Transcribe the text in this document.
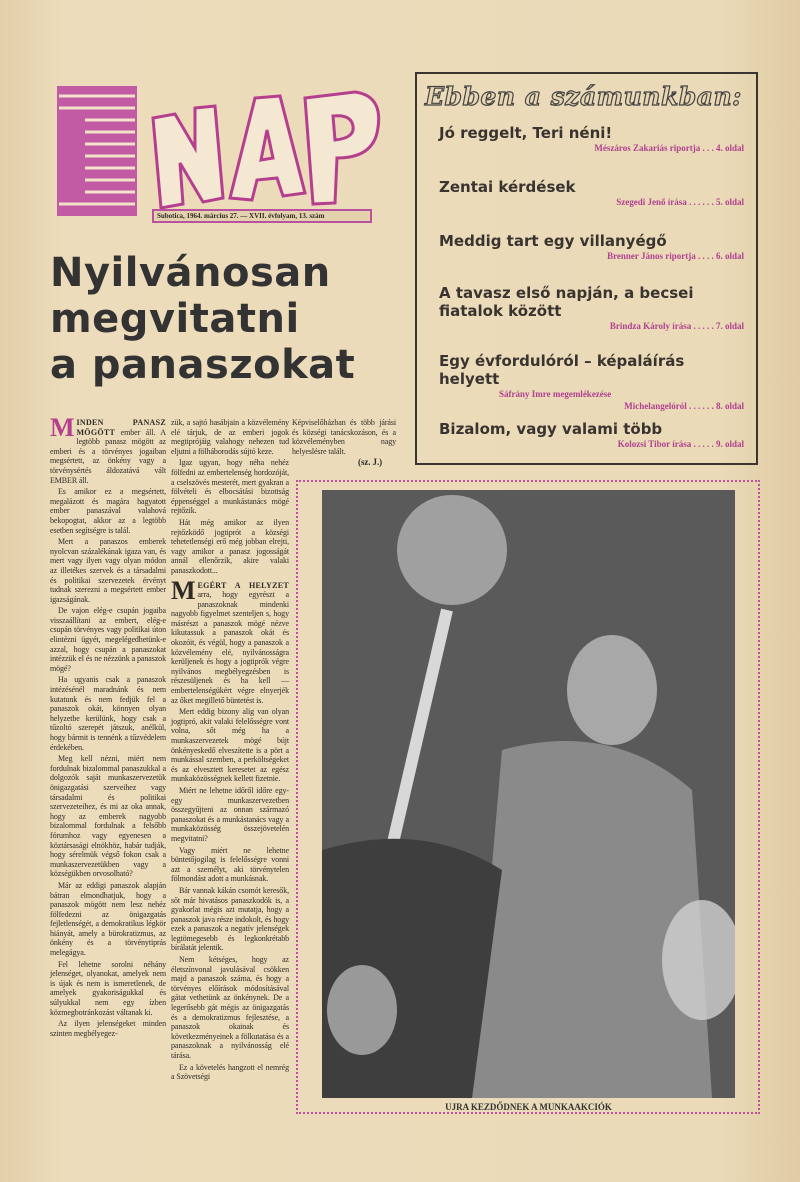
Subotica, 1964. március 27. — XVII. évfolyam, 13. szám
Nyilvánosan
megvitatni
a panaszokat
Ebben a számunkban:
Jó reggelt, Teri néni!
Mészáros Zakariás riportja . . . 4. oldal
Zentai kérdések
Szegedi Jenő írása . . . . . . 5. oldal
Meddig tart egy villanyégő
Brenner János riportja . . . . 6. oldal
A tavasz első napján, a becsei fiatalok között
Brindza Károly írása . . . . . 7. oldal
Egy évfordulóról – képaláírás helyett
Sáfrány Imre megemlékezése
Michelangelóról . . . . . . 8. oldal
Bizalom, vagy valami több
Kolozsi Tibor írása . . . . . 9. oldal

MINDEN PANASZ MÖGÖTT ember áll. A legtöbb panasz mögött az emberi és a törvényes jogaiban megsértett, az önkény vagy a törvénysértés áldozatává vált EMBER áll.

Es amikor ez a megsértett, megalázott és magára hagyatott ember panaszával valahová bekopogtat, akkor az a legtöbb esetben segítségre is talál.

Mert a panaszos emberek nyolcvan százalékának igaza van, és mert vagy ilyen vagy olyan módon az illetékes szervek és a társadalmi és politikai szervezetek érvényt tudnak szerezni a megsértett ember igazságának.

De vajon elég-e csupán jogaiba visszaállítani az embert, elég-e csupán törvényes vagy politikai úton elintézni ügyét, megelégedhetünk-e azzal, hogy csupán a panaszokat intézzük el és ne nézzünk a panaszok mögé?

Ha ugyanis csak a panaszok intézésénél maradnánk és nem kutatunk és nem fedjük fel a panaszok okát, könnyen olyan helyzetbe kerülünk, hogy csak a tűzoltó szerepét játszuk, anélkül, hogy bármit is tennénk a tűzvédelem érdekében.

Meg kell nézni, miért nem fordulnak bizalommal panaszukkal a dolgozók saját munkaszervezetük önigazgatási szerveihez vagy társadalmi és politikai szervezeteihez, és mi az oka annak, hogy az emberek nagyobb bizalommal fordulnak a felsőbb fórumhoz vagy egyenesen a köztársasági elnökhöz, habár tudják, hogy sérelmük végső fokon csak a munkaszervezetükben vagy a községükben orvosolható?

Már az eddigi panaszok alapján bátran elmondhatjuk, hogy a panaszok mögött nem lesz nehéz fölfedezni az önigazgatás fejletlenségét, a demokratikus légkör hiányát, amely a bürokratizmus, az önkény és a törvénytiprás melegágya.

Fel lehetne sorolni néhány jelenséget, olyanokat, amelyek nem is újak és nem is ismeretlenek, de amelyek gyakoriságukkal és súlyukkal nem egy ízben közmegbotránkozást váltanak ki.

Az ilyen jelenségeket minden szinten megbélyegez-

zük, a sajtó hasábjain a közvélemény elé tárjuk, de az emberi jogok megtiprójáig valahogy nehezen tud eljutni a fölháborodás sújtó keze.

Igaz ugyan, hogy néha nehéz fölfedni az embertelenség hordozóját, a cselszövés mesterét, mert gyakran a fölvételi és elbocsátási bizottság éppenséggel a munkástanács mögé rejtőzik.

Hát még amikor az ilyen rejtőzködő jogtiprót a községi tehetetlenségi erő még jobban elrejti, vagy amikor a panasz jogosságát annál ellenőrzik, akire valaki panaszkodott...

MEGÉRT A HELYZET arra, hogy egyrészt a panaszoknak mindenki nagyobb figyelmet szenteljen s, hogy másrészt a panaszok mögé nézve kikutassuk a panaszok okát és okozóit, és végül, hogy a panaszok a közvélemény elé, nyilvánosságra kerüljenek és hogy a jogtiprók végre nyilvános megbélyegzésben is részesüljenek és ha kell — embertelenségükért végre elnyerjék az őket megillető büntetést is.

Mert eddig bizony alig van olyan jogtipró, akit valaki felelősségre vont volna, sőt még ha a munkaszervezetek mögé bújt önkényeskedő elveszítette is a pört a munkással szemben, a perköltségeket és az elvesztett keresetet az egész munkaközösségnek kellett fizetnie.

Miért ne lehetne időről időre egy-egy munkaszervezetben összegyűjteni az onnan származó panaszokat és a munkástanács vagy a munkaközösség összejövetelén megvitatni?

Vagy miért ne lehetne büntetőjogilag is felelősségre vonni azt a személyt, aki törvénytelen fölmondást adott a munkásnak.

Bár vannak kákán csomót keresők, sőt már hivatásos panaszkodók is, a gyakorlat mégis azt mutatja, hogy a panaszok java része indokolt, és hogy ezek a panaszok a negatív jelenségek legtömegesebb és legkonkrétabb bírálatát jelentik.

Nem kétséges, hogy az életszínvonal javulásával csökken majd a panaszok száma, és hogy a törvényes előírások módosításával gátat vethetünk az önkénynek. De a legerősebb gát mégis az önigazgatás és a demokratizmus fejlesztése, a panaszok okainak és következményeinek a fölkutatása és a panaszoknak a nyilvánosság elé tárása.

Ez a követelés hangzott el nemrég a Szövetségi

Képviselőházban és több járási és községi tanácskozáson, és a közvéleményben nagy helyeslésre talált.

(sz. J.)
UJRA KEZDŐDNEK A MUNKAAKCIÓK
